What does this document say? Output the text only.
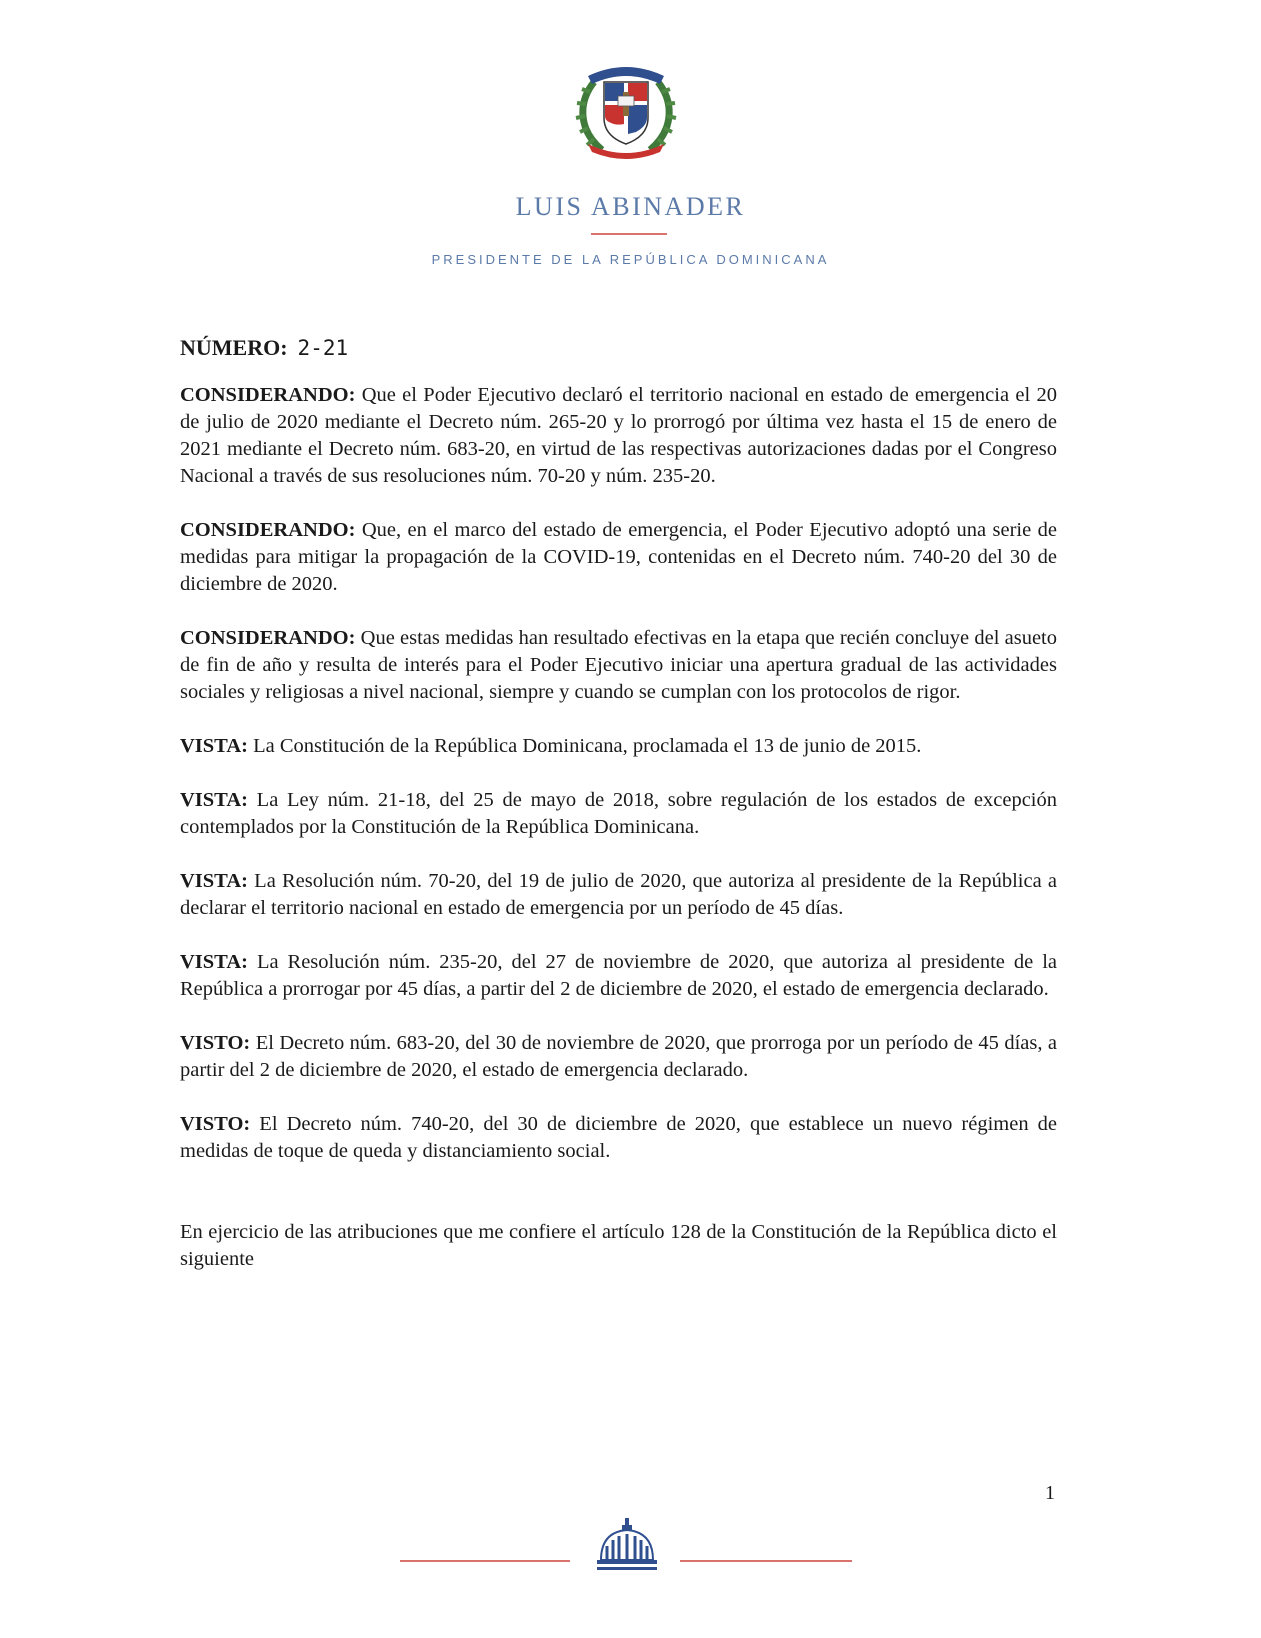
LUIS ABINADER
PRESIDENTE DE LA REPÚBLICA DOMINICANA
NÚMERO: 2-21

CONSIDERANDO: Que el Poder Ejecutivo declaró el territorio nacional en estado de emergencia el 20 de julio de 2020 mediante el Decreto núm. 265-20 y lo prorrogó por última vez hasta el 15 de enero de 2021 mediante el Decreto núm. 683-20, en virtud de las respectivas autorizaciones dadas por el Congreso Nacional a través de sus resoluciones núm. 70-20 y núm. 235-20.

CONSIDERANDO: Que, en el marco del estado de emergencia, el Poder Ejecutivo adoptó una serie de medidas para mitigar la propagación de la COVID-19, contenidas en el Decreto núm. 740-20 del 30 de diciembre de 2020.

CONSIDERANDO: Que estas medidas han resultado efectivas en la etapa que recién concluye del asueto de fin de año y resulta de interés para el Poder Ejecutivo iniciar una apertura gradual de las actividades sociales y religiosas a nivel nacional, siempre y cuando se cumplan con los protocolos de rigor.

VISTA: La Constitución de la República Dominicana, proclamada el 13 de junio de 2015.

VISTA: La Ley núm. 21-18, del 25 de mayo de 2018, sobre regulación de los estados de excepción contemplados por la Constitución de la República Dominicana.

VISTA: La Resolución núm. 70-20, del 19 de julio de 2020, que autoriza al presidente de la República a declarar el territorio nacional en estado de emergencia por un período de 45 días.

VISTA: La Resolución núm. 235-20, del 27 de noviembre de 2020, que autoriza al presidente de la República a prorrogar por 45 días, a partir del 2 de diciembre de 2020, el estado de emergencia declarado.

VISTO: El Decreto núm. 683-20, del 30 de noviembre de 2020, que prorroga por un período de 45 días, a partir del 2 de diciembre de 2020, el estado de emergencia declarado.

VISTO: El Decreto núm. 740-20, del 30 de diciembre de 2020, que establece un nuevo régimen de medidas de toque de queda y distanciamiento social.

En ejercicio de las atribuciones que me confiere el artículo 128 de la Constitución de la República dicto el siguiente

1
